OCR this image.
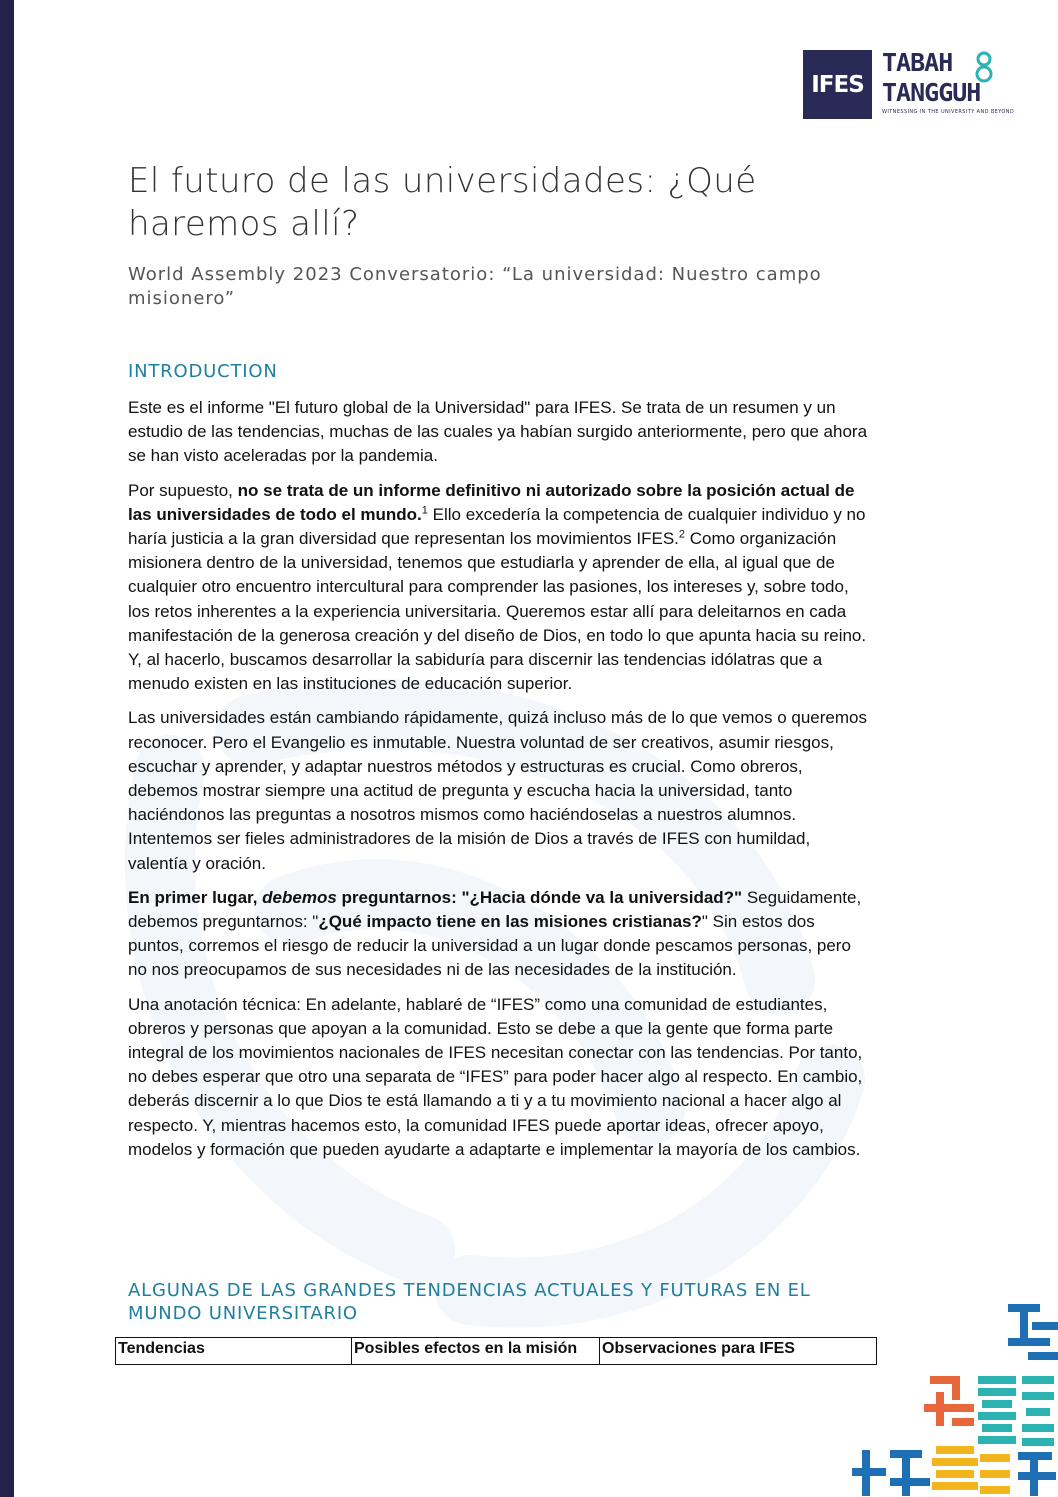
IFES
TABAH
TANGGUH
WITNESSING IN THE UNIVERSITY AND BEYOND
El futuro de las universidades: ¿Qué haremos allí?

World Assembly 2023 Conversatorio: “La universidad: Nuestro campo misionero”

INTRODUCTION

Este es el informe "El futuro global de la Universidad" para IFES. Se trata de un resumen y un estudio de las tendencias, muchas de las cuales ya habían surgido anteriormente, pero que ahora se han visto aceleradas por la pandemia.

Por supuesto, no se trata de un informe definitivo ni autorizado sobre la posición actual de las universidades de todo el mundo.$^1$ Ello excedería la competencia de cualquier individuo y no haría justicia a la gran diversidad que representan los movimientos IFES.$^2$ Como organización misionera dentro de la universidad, tenemos que estudiarla y aprender de ella, al igual que de cualquier otro encuentro intercultural para comprender las pasiones, los intereses y, sobre todo, los retos inherentes a la experiencia universitaria. Queremos estar allí para deleitarnos en cada manifestación de la generosa creación y del diseño de Dios, en todo lo que apunta hacia su reino. Y, al hacerlo, buscamos desarrollar la sabiduría para discernir las tendencias idólatras que a menudo existen en las instituciones de educación superior.

Las universidades están cambiando rápidamente, quizá incluso más de lo que vemos o queremos reconocer. Pero el Evangelio es inmutable. Nuestra voluntad de ser creativos, asumir riesgos, escuchar y aprender, y adaptar nuestros métodos y estructuras es crucial. Como obreros, debemos mostrar siempre una actitud de pregunta y escucha hacia la universidad, tanto haciéndonos las preguntas a nosotros mismos como haciéndoselas a nuestros alumnos. Intentemos ser fieles administradores de la misión de Dios a través de IFES con humildad, valentía y oración.

En primer lugar, debemos preguntarnos: "¿Hacia dónde va la universidad?" Seguidamente, debemos preguntarnos: "¿Qué impacto tiene en las misiones cristianas?" Sin estos dos puntos, corremos el riesgo de reducir la universidad a un lugar donde pescamos personas, pero no nos preocupamos de sus necesidades ni de las necesidades de la institución.

Una anotación técnica: En adelante, hablaré de “IFES” como una comunidad de estudiantes, obreros y personas que apoyan a la comunidad. Esto se debe a que la gente que forma parte integral de los movimientos nacionales de IFES necesitan conectar con las tendencias. Por tanto, no debes esperar que otro una separata de “IFES” para poder hacer algo al respecto. En cambio, deberás discernir a lo que Dios te está llamando a ti y a tu movimiento nacional a hacer algo al respecto. Y, mientras hacemos esto, la comunidad IFES puede aportar ideas, ofrecer apoyo, modelos y formación que pueden ayudarte a adaptarte e implementar la mayoría de los cambios.

ALGUNAS DE LAS GRANDES TENDENCIAS ACTUALES Y FUTURAS EN EL MUNDO UNIVERSITARIO
Tendencias	Posibles efectos en la misión	Observaciones para IFES
